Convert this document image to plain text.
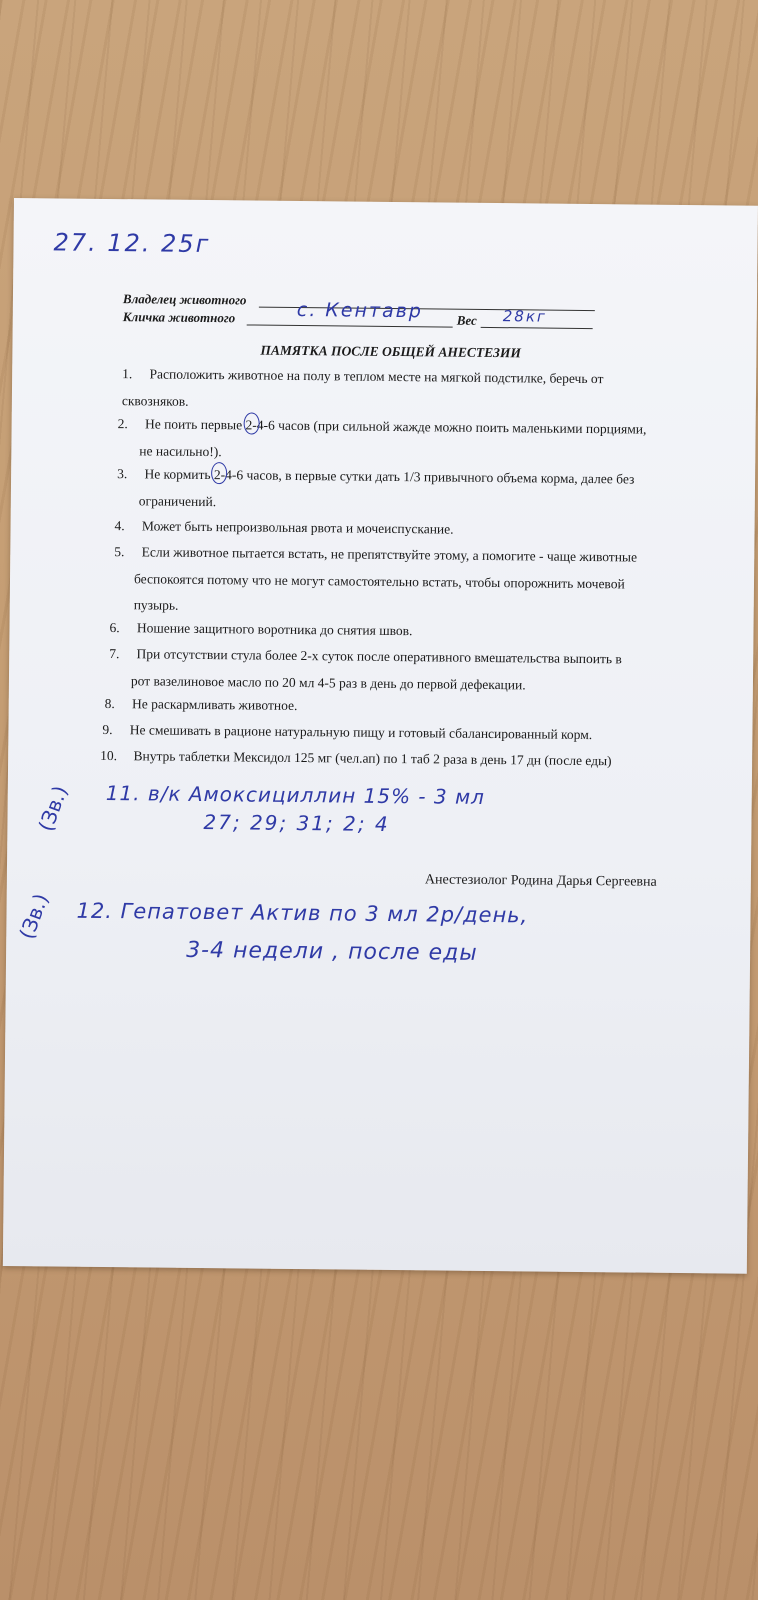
27. 12. 25г
Владелец животного
Кличка животного	с. Кентавр	Вес 28кг
ПАМЯТКА ПОСЛЕ ОБЩЕЙ АНЕСТЕЗИИ
1. Расположить животное на полу в теплом месте на мягкой подстилке, беречь от
сквозняков.
2. Не поить первые 2-4-6 часов (при сильной жажде можно поить маленькими порциями,
не насильно!).
3. Не кормить 2-4-6 часов, в первые сутки дать 1/3 привычного объема корма, далее без
ограничений.
4. Может быть непроизвольная рвота и мочеиспускание.
5. Если животное пытается встать, не препятствуйте этому, а помогите - чаще животные
беспокоятся потому что не могут самостоятельно встать, чтобы опорожнить мочевой
пузырь.
6. Ношение защитного воротника до снятия швов.
7. При отсутствии стула более 2-х суток после оперативного вмешательства выпоить в
рот вазелиновое масло по 20 мл 4-5 раз в день до первой дефекации.
8. Не раскармливать животное.
9. Не смешивать в рационе натуральную пищу и готовый сбалансированный корм.
10. Внутрь таблетки Мексидол 125 мг (чел.ап) по 1 таб 2 раза в день 17 дн (после еды)
(Зв.) 11. в/к Амоксициллин 15% - 3 мл
27; 29; 31; 2; 4
Анестезиолог Родина Дарья Сергеевна
(Зв.) 12. Гепатовет Актив по 3 мл 2р/день,
3-4 недели , после еды
